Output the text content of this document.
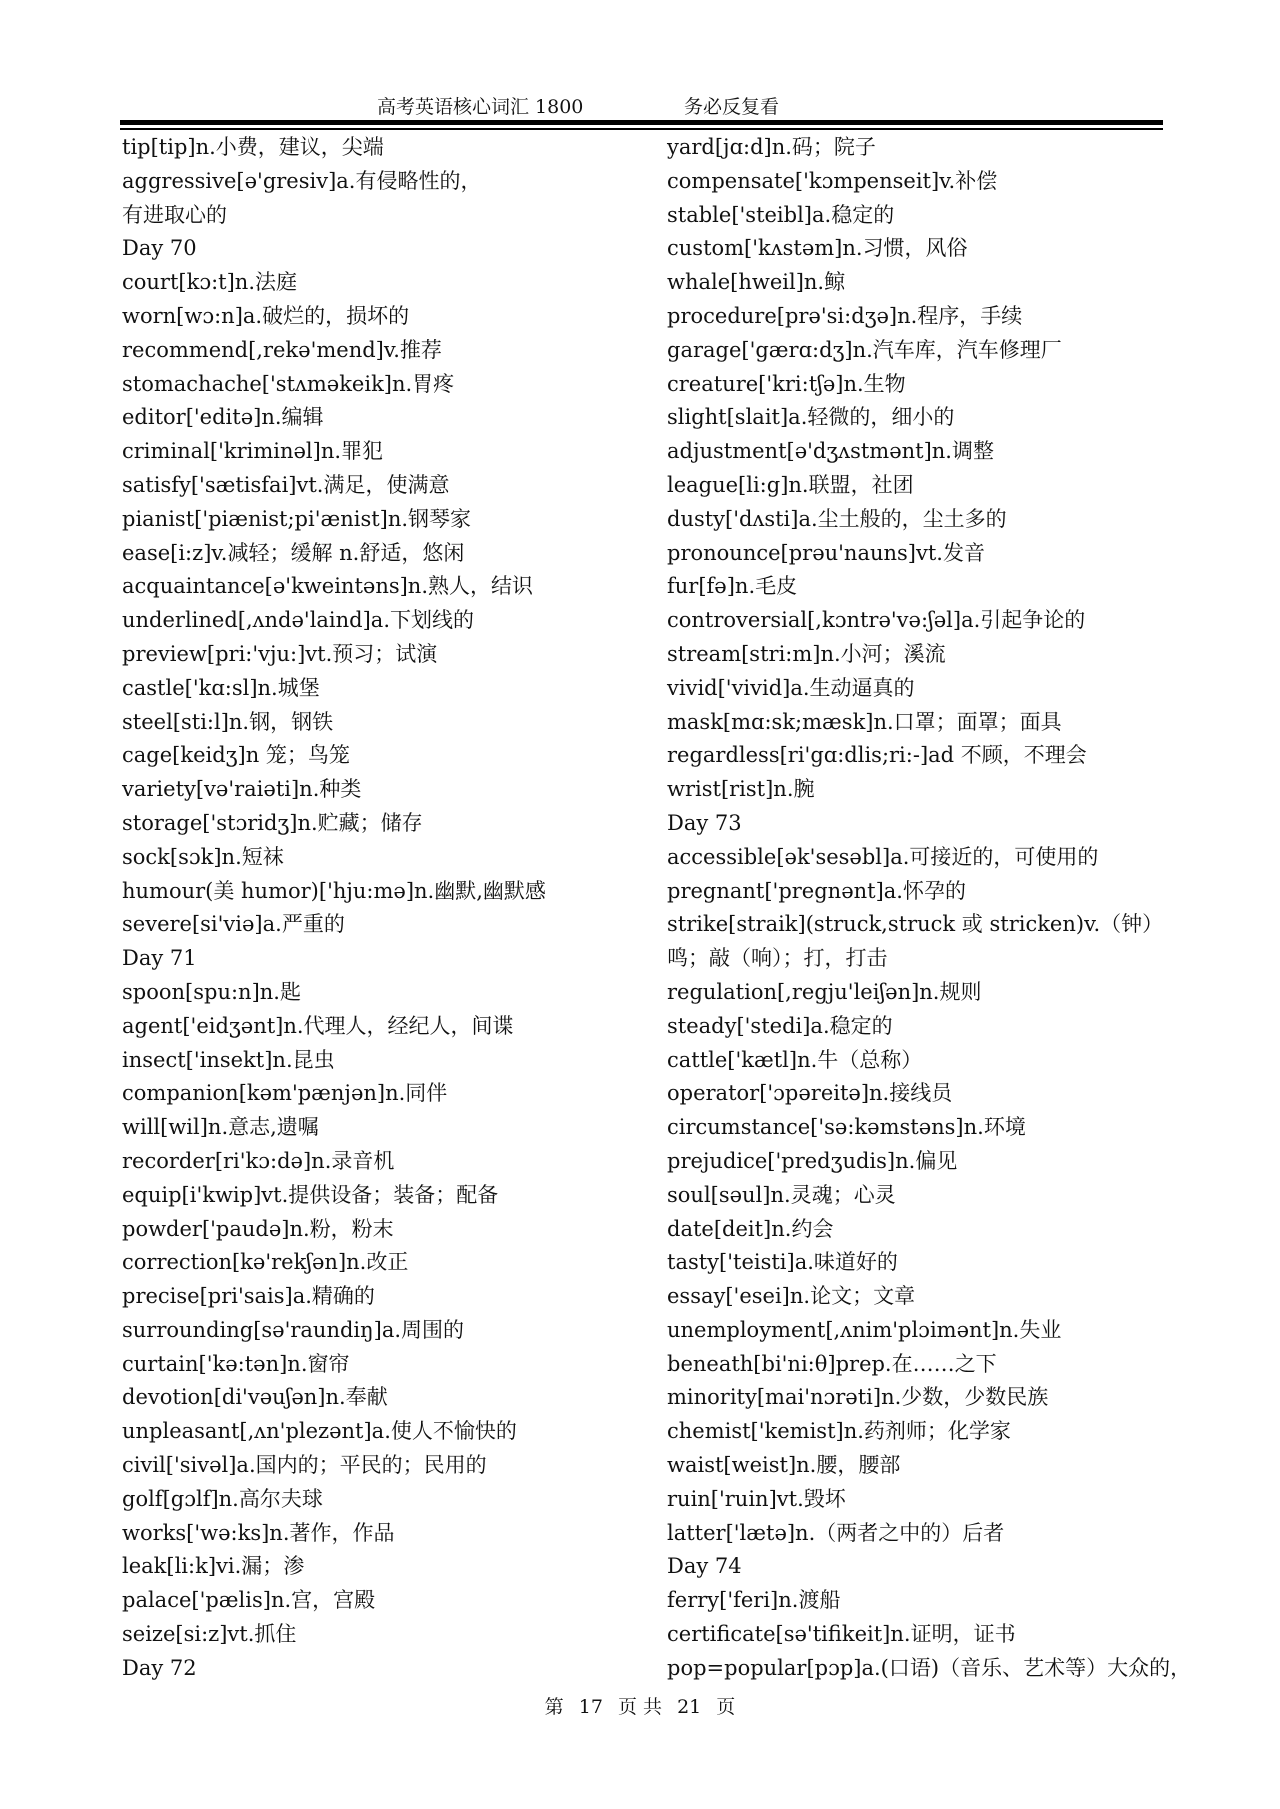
高考英语核心词汇 1800	务必反复看
tip[tip]n.小费，建议，尖端
aggressive[ə'gresiv]a.有侵略性的，
有进取心的
Day 70
court[kɔ:t]n.法庭
worn[wɔ:n]a.破烂的，损坏的
recommend[,rekə'mend]v.推荐
stomachache['stʌməkeik]n.胃疼
editor['editə]n.编辑
criminal['kriminəl]n.罪犯
satisfy['sætisfai]vt.满足，使满意
pianist['piænist;pi'ænist]n.钢琴家
ease[i:z]v.减轻；缓解 n.舒适，悠闲
acquaintance[ə'kweintəns]n.熟人，结识
underlined[,ʌndə'laind]a.下划线的
preview[pri:'vju:]vt.预习；试演
castle['kɑ:sl]n.城堡
steel[sti:l]n.钢，钢铁
cage[keidʒ]n 笼；鸟笼
variety[və'raiəti]n.种类
storage['stɔridʒ]n.贮藏；储存
sock[sɔk]n.短袜
humour(美 humor)['hju:mə]n.幽默,幽默感
severe[si'viə]a.严重的
Day 71
spoon[spu:n]n.匙
agent['eidʒənt]n.代理人，经纪人，间谍
insect['insekt]n.昆虫
companion[kəm'pænjən]n.同伴
will[wil]n.意志,遗嘱
recorder[ri'kɔ:də]n.录音机
equip[i'kwip]vt.提供设备；装备；配备
powder['paudə]n.粉，粉末
correction[kə'rekʃən]n.改正
precise[pri'sais]a.精确的
surrounding[sə'raundiŋ]a.周围的
curtain['kə:tən]n.窗帘
devotion[di'vəuʃən]n.奉献
unpleasant[,ʌn'plezənt]a.使人不愉快的
civil['sivəl]a.国内的；平民的；民用的
golf[gɔlf]n.高尔夫球
works['wə:ks]n.著作，作品
leak[li:k]vi.漏；渗
palace['pælis]n.宫，宫殿
seize[si:z]vt.抓住
Day 72
yard[jɑ:d]n.码；院子
compensate['kɔmpenseit]v.补偿
stable['steibl]a.稳定的
custom['kʌstəm]n.习惯，风俗
whale[hweil]n.鲸
procedure[prə'si:dʒə]n.程序，手续
garage['gærɑ:dʒ]n.汽车库，汽车修理厂
creature['kri:tʃə]n.生物
slight[slait]a.轻微的，细小的
adjustment[ə'dʒʌstmənt]n.调整
league[li:g]n.联盟，社团
dusty['dʌsti]a.尘土般的，尘土多的
pronounce[prəu'nauns]vt.发音
fur[fə]n.毛皮
controversial[,kɔntrə'və:ʃəl]a.引起争论的
stream[stri:m]n.小河；溪流
vivid['vivid]a.生动逼真的
mask[mɑ:sk;mæsk]n.口罩；面罩；面具
regardless[ri'gɑ:dlis;ri:-]ad 不顾，不理会
wrist[rist]n.腕
Day 73
accessible[ək'sesəbl]a.可接近的，可使用的
pregnant['pregnənt]a.怀孕的
strike[straik](struck,struck 或 stricken)v.（钟）鸣；敲（响）；打，打击
regulation[,regju'leiʃən]n.规则
steady['stedi]a.稳定的
cattle['kætl]n.牛（总称）
operator['ɔpəreitə]n.接线员
circumstance['sə:kəmstəns]n.环境
prejudice['predʒudis]n.偏见
soul[səul]n.灵魂；心灵
date[deit]n.约会
tasty['teisti]a.味道好的
essay['esei]n.论文；文章
unemployment[,ʌnim'plɔimənt]n.失业
beneath[bi'ni:θ]prep.在……之下
minority[mai'nɔrəti]n.少数，少数民族
chemist['kemist]n.药剂师；化学家
waist[weist]n.腰，腰部
ruin['ruin]vt.毁坏
latter['lætə]n.（两者之中的）后者
Day 74
ferry['feri]n.渡船
certificate[sə'tifikeit]n.证明，证书
pop=popular[pɔp]a.(口语)（音乐、艺术等）大众的，
第 17 页 共 21 页
